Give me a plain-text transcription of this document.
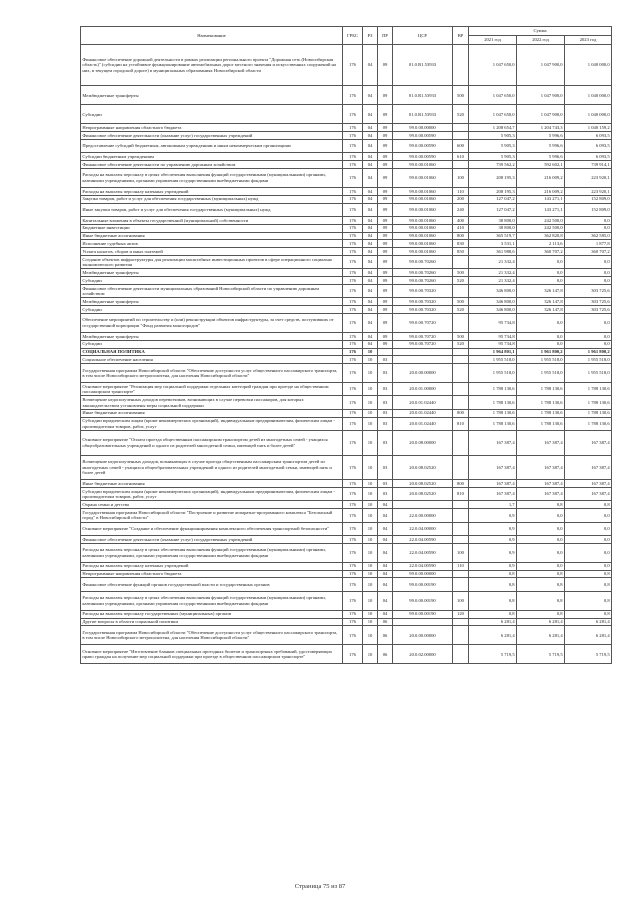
Наименование	ГРБС	РЗ	ПР	ЦСР	ВР	Сумма		
						2021 год	2022 год	2023 год
Финансовое обеспечение дорожной деятельности в рамках реализации регионального проекта "Дорожная сеть (Новосибирская область)" (субсидии на устойчивое функционирование автомобильных дорог местного значения и искусственных сооружений на них, в текущем городской дороге) в муниципальных образованиях Новосибирской области	176	04	09	01.0.R1.53933		1 047 650,0	1 047 900,0	1 040 000,0
Межбюджетные трансферты	176	04	09	01.0.R1.53933	500	1 047 650,0	1 047 900,0	1 040 000,0
Субсидии	176	04	09	01.0.R1.53933	520	1 047 650,0	1 047 900,0	1 040 000,0
Непрограммные направления областного бюджета	176	04	09	99.0.00.00000		1 208 654,7	1 204 743,3	1 040 159,2
Финансовое обеспечение деятельности (оказание услуг) государственных учреждений	176	04	09	99.0.00.00590		5 905,3	5 996,6	6 093,5
Предоставление субсидий бюджетным, автономным учреждениям и иным некоммерческим организациям	176	04	09	99.0.00.00590	600	5 905,3	5 996,6	6 093,5
Субсидии бюджетным учреждениям	176	04	09	99.0.00.00590	610	5 905,3	5 996,6	6 093,5
Финансовое обеспечение деятельности по управлению дорожным хозяйством	176	04	09	99.0.00.01060		739 562,2	592 602,1	739 914,1
Расходы на выплаты персоналу в целях обеспечения выполнения функций государственными (муниципальными) органами, казенными учреждениями, органами управления государственными внебюджетными фондами	176	04	09	99.0.00.01060	100	208 195,3	216 009,2	223 920,1
Расходы на выплаты персоналу казенных учреждений	176	04	09	99.0.00.01060	110	208 195,3	216 009,2	223 920,1
Закупка товаров, работ и услуг для обеспечения государственных (муниципальных) нужд	176	04	09	99.0.00.01060	200	127 047,2	143 271,1	152 809,0
Иные закупки товаров, работ и услуг для обеспечения государственных (муниципальных) нужд	176	04	09	99.0.00.01060	240	127 047,2	143 271,1	152 809,0
Капитальные вложения в объекты государственной (муниципальной) собственности	176	04	09	99.0.00.01060	400	38 800,0	242 500,0	0,0
Бюджетные инвестиции	176	04	09	99.0.00.01060	410	38 800,0	242 500,0	0,0
Иные бюджетные ассигнования	176	04	09	99.0.00.01060	800	365 519,7	362 820,8	362 585,0
Исполнение судебных актов	176	04	09	99.0.00.01060	830	3 531,1	2 113,6	1 877,8
Уплата налогов, сборов и иных платежей	176	04	09	99.0.00.01060	850	361 988,6	360 707,2	360 707,2
Создание объектов инфраструктуры для реализации масштабных инвестиционных проектов в сфере операционного социально экономического развития	176	04	09	99.0.00.70260		21 332,4	0,0	0,0
Межбюджетные трансферты	176	04	09	99.0.00.70260	500	21 332,4	0,0	0,0
Субсидии	176	04	09	99.0.00.70260	520	21 332,4	0,0	0,0
Финансовое обеспечение деятельности муниципальных образований Новосибирской области по управлению дорожным хозяйством	176	04	09	99.0.00.70320		346 800,0	326 147,8	303 725,6
Межбюджетные трансферты	176	04	09	99.0.00.70320	500	346 800,0	326 147,8	303 725,6
Субсидии	176	04	09	99.0.00.70320	520	346 800,0	326 147,8	303 725,6
Обеспечение мероприятий по строительству и (или) реконструкции объектов инфраструктуры, за счет средств, поступивших от государственной корпорации "Фонд развития моногородов"	176	04	09	99.0.00.70720		95 734,8	0,0	0,0
Межбюджетные трансферты	176	04	09	99.0.00.70720	500	95 734,8	0,0	0,0
Субсидии	176	04	09	99.0.00.70720	520	95 734,8	0,0	0,0
СОЦИАЛЬНАЯ ПОЛИТИКА	176	10				1 964 801,1	1 961 800,2	1 961 800,2
Социальное обеспечение населения	176	10	03			1 955 518,0	1 955 518,0	1 955 518,0
Государственная программа Новосибирской области "Обеспечение доступности услуг общественного пассажирского транспорта, в том числе Новосибирского метрополитена, для населения Новосибирской области"	176	10	03	20.0.00.00000		1 955 518,0	1 955 518,0	1 955 518,0
Основное мероприятие "Реализация мер социальной поддержки отдельных категорий граждан при проезде на общественном пассажирском транспорте"	176	10	03	20.0.01.00000		1 788 130,6	1 788 130,6	1 788 130,6
Возмещение недополученных доходов перевозчиков, возникающих в случае перевозки пассажиров, для которых законодательством установлены меры социальной поддержки	176	10	03	20.0.01.02440		1 788 130,6	1 788 130,6	1 788 130,6
Иные бюджетные ассигнования	176	10	03	20.0.01.02440	800	1 788 130,6	1 788 130,6	1 788 130,6
Субсидии юридическим лицам (кроме некоммерческих организаций), индивидуальным предпринимателям, физическим лицам - производителям товаров, работ, услуг	176	10	03	20.0.01.02440	810	1 788 130,6	1 788 130,6	1 788 130,6
Основное мероприятие "Оплата проезда общественным пассажирским транспортом детей из многодетных семей - учащихся общеобразовательных учреждений и одного из родителей многодетной семьи, имеющей пять и более детей"	176	10	03	20.0.08.00000		167 387,4	167 387,4	167 387,4
Возмещение недополученных доходов, возникающих в случае проезда общественным пассажирским транспортом детей из многодетных семей - учащихся общеобразовательных учреждений и одного из родителей многодетной семьи, имеющей пять и более детей	176	10	03	20.0.08.02520		167 387,4	167 387,4	167 387,4
Иные бюджетные ассигнования	176	10	03	20.0.08.02520	800	167 387,4	167 387,4	167 387,4
Субсидии юридическим лицам (кроме некоммерческих организаций), индивидуальным предпринимателям, физическим лицам - производителям товаров, работ, услуг	176	10	03	20.0.08.02520	810	167 387,4	167 387,4	167 387,4
Охрана семьи и детства	176	10	04			1,7	0,8	0,8
Государственная программа Новосибирской области "Построение и развитие аппаратно-программного комплекса "Безопасный город" в Новосибирской области"	176	10	04	22.0.00.00000		0,9	0,0	0,0
Основное мероприятие "Создание и обеспечение функционирования комплексного обеспечения транспортной безопасности"	176	10	04	22.0.04.00000		0,9	0,0	0,0
Финансовое обеспечение деятельности (оказание услуг) государственных учреждений	176	10	04	22.0.04.00590		0,9	0,0	0,0
Расходы на выплаты персоналу в целях обеспечения выполнения функций государственными (муниципальными) органами, казенными учреждениями, органами управления государственными внебюджетными фондами	176	10	04	22.0.04.00590	100	0,9	0,0	0,0
Расходы на выплаты персоналу казенных учреждений	176	10	04	22.0.04.00590	110	0,9	0,0	0,0
Непрограммные направления областного бюджета	176	10	04	99.0.00.00000		0,8	0,8	0,8
Финансовое обеспечение функций органов государственной власти и государственных органов	176	10	04	99.0.00.00190		0,8	0,8	0,8
Расходы на выплаты персоналу в целях обеспечения выполнения функций государственными (муниципальными) органами, казенными учреждениями, органами управления государственными внебюджетными фондами	176	10	04	99.0.00.00190	100	0,8	0,8	0,8
Расходы на выплаты персоналу государственных (муниципальных) органов	176	10	04	99.0.00.00190	120	0,8	0,8	0,8
Другие вопросы в области социальной политики	176	10	06			6 281,4	6 281,4	6 281,4
Государственная программа Новосибирской области "Обеспечение доступности услуг общественного пассажирского транспорта, в том числе Новосибирского метрополитена, для населения Новосибирской области"	176	10	06	20.0.00.00000		6 281,4	6 281,4	6 281,4
Основное мероприятие "Изготовление бланков специальных проездных билетов и транспортных требований, удостоверяющих право граждан на получение мер социальной поддержки при проезде в общественном пассажирском транспорте"	176	10	06	20.0.02.00000		5 719,5	5 719,5	5 719,5
Страница 75 из 87
